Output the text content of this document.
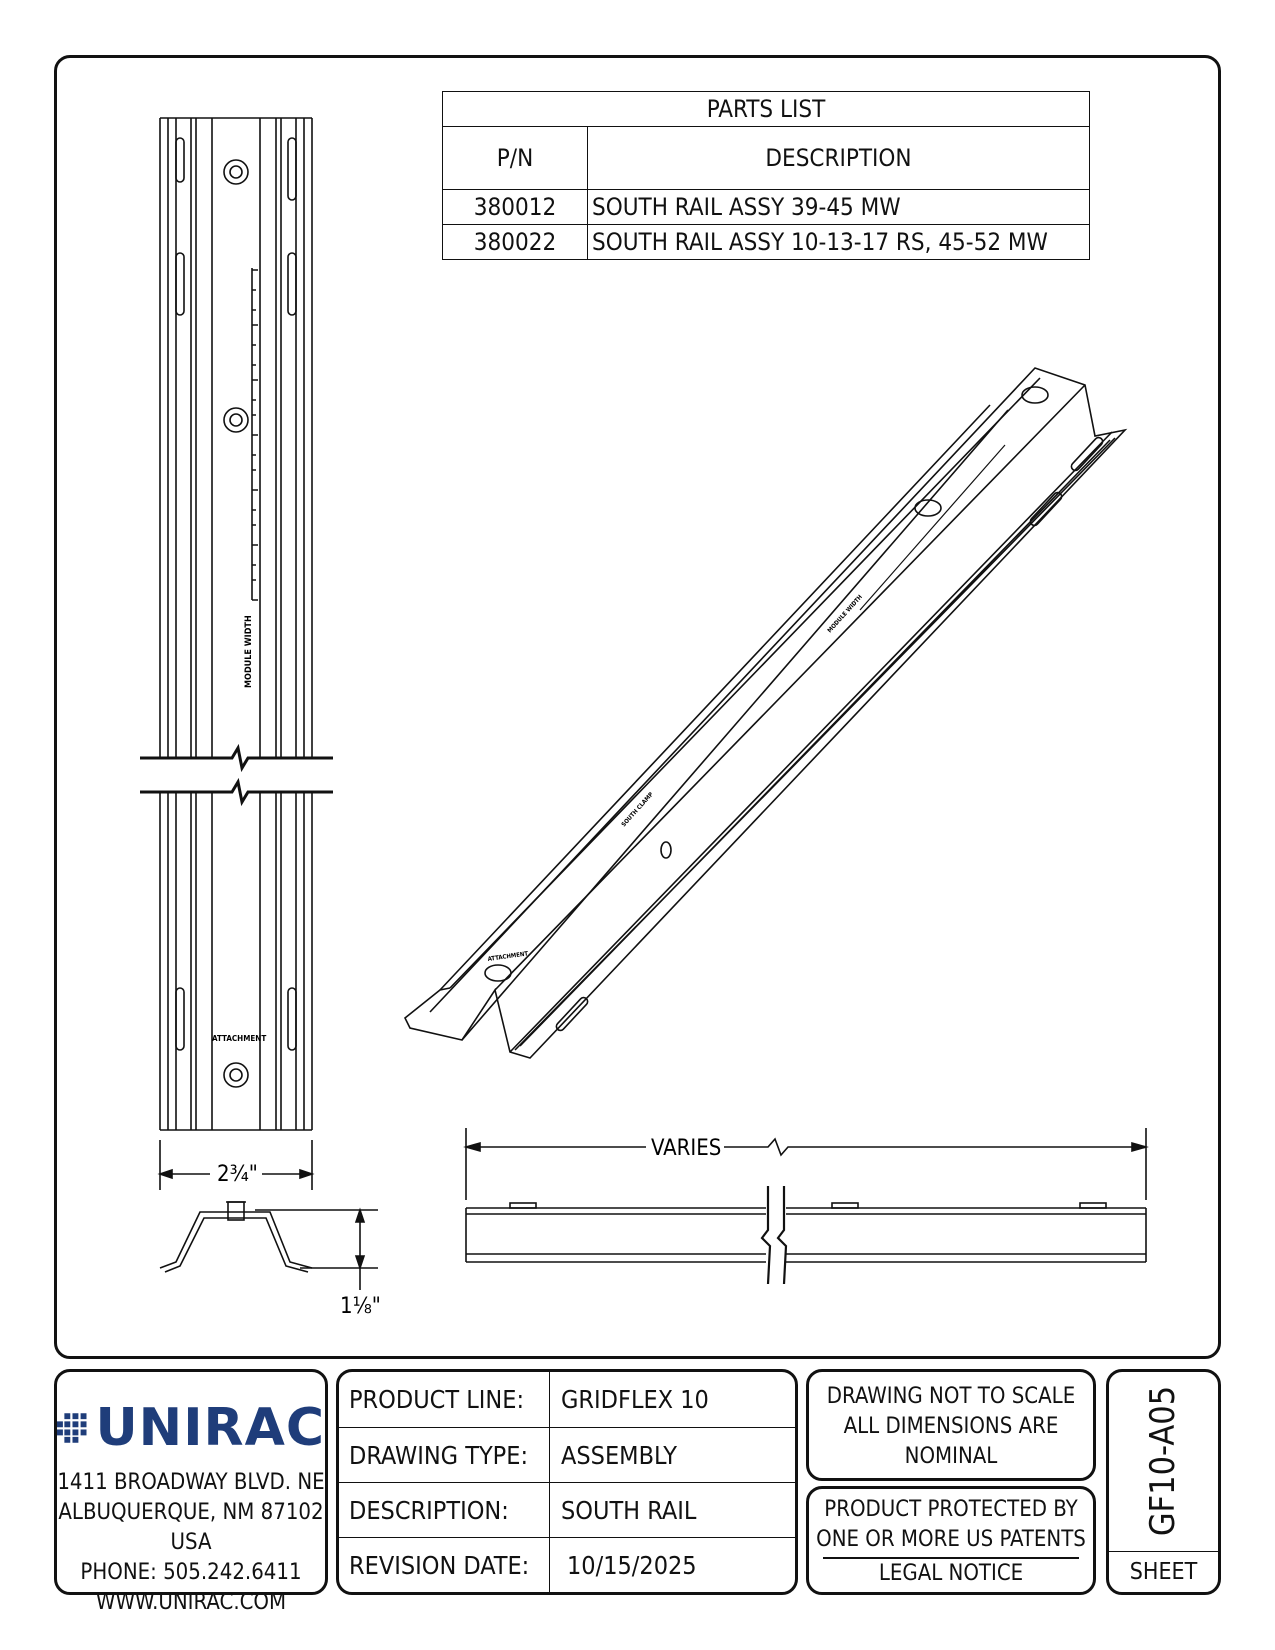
PARTS LIST	
P/N	DESCRIPTION
380012	SOUTH RAIL ASSY 39-45 MW
380022	SOUTH RAIL ASSY 10-13-17 RS, 45-52 MW
MODULE WIDTH
ATTACHMENT
MODULE WIDTH
SOUTH CLAMP
ATTACHMENT
2¾"
1⅛"
VARIES
UNIRAC
1411 BROADWAY BLVD. NE
ALBUQUERQUE, NM 87102 USA
PHONE: 505.242.6411
WWW.UNIRAC.COM
PRODUCT LINE: GRIDFLEX 10
DRAWING TYPE: ASSEMBLY
DESCRIPTION: SOUTH RAIL
REVISION DATE: 10/15/2025
DRAWING NOT TO SCALE
ALL DIMENSIONS ARE
NOMINAL
PRODUCT PROTECTED BY
ONE OR MORE US PATENTS
LEGAL NOTICE
GF10-A05
SHEET
